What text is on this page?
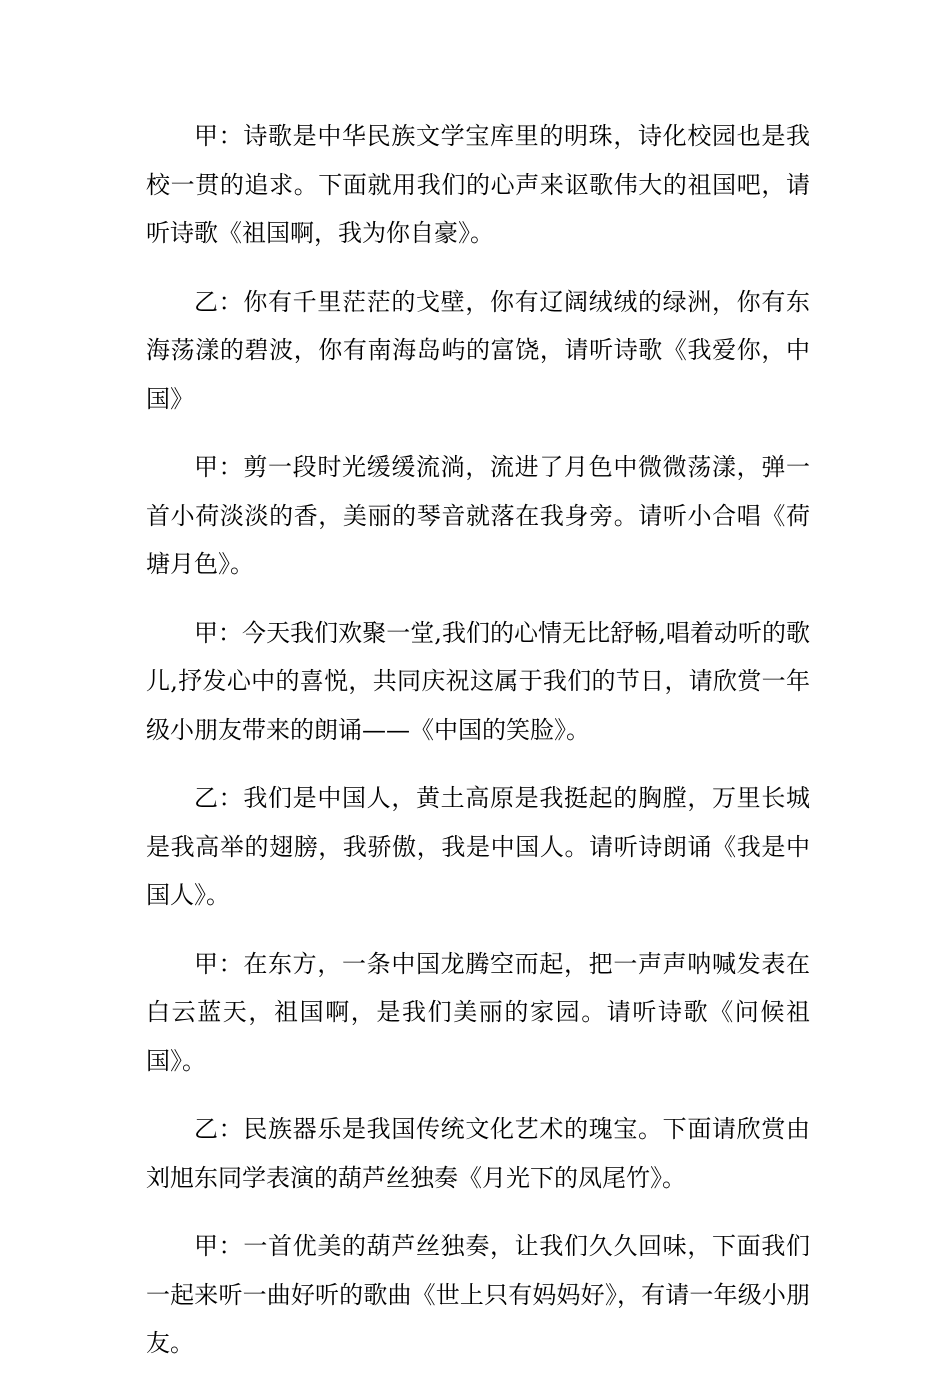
甲：诗歌是中华民族文学宝库里的明珠，诗化校园也是我校一贯的追求。下面就用我们的心声来讴歌伟大的祖国吧，请听诗歌《祖国啊，我为你自豪》。

乙：你有千里茫茫的戈壁，你有辽阔绒绒的绿洲，你有东海荡漾的碧波，你有南海岛屿的富饶，请听诗歌《我爱你，中国》

甲：剪一段时光缓缓流淌，流进了月色中微微荡漾，弹一首小荷淡淡的香，美丽的琴音就落在我身旁。请听小合唱《荷塘月色》。

甲：今天我们欢聚一堂,我们的心情无比舒畅,唱着动听的歌儿,抒发心中的喜悦，共同庆祝这属于我们的节日，请欣赏一年级小朋友带来的朗诵——《中国的笑脸》。

乙：我们是中国人，黄土高原是我挺起的胸膛，万里长城是我高举的翅膀，我骄傲，我是中国人。请听诗朗诵《我是中国人》。

甲：在东方，一条中国龙腾空而起，把一声声呐喊发表在白云蓝天，祖国啊，是我们美丽的家园。请听诗歌《问候祖国》。

乙：民族器乐是我国传统文化艺术的瑰宝。下面请欣赏由刘旭东同学表演的葫芦丝独奏《月光下的凤尾竹》。

甲：一首优美的葫芦丝独奏，让我们久久回味，下面我们一起来听一曲好听的歌曲《世上只有妈妈好》，有请一年级小朋友。
